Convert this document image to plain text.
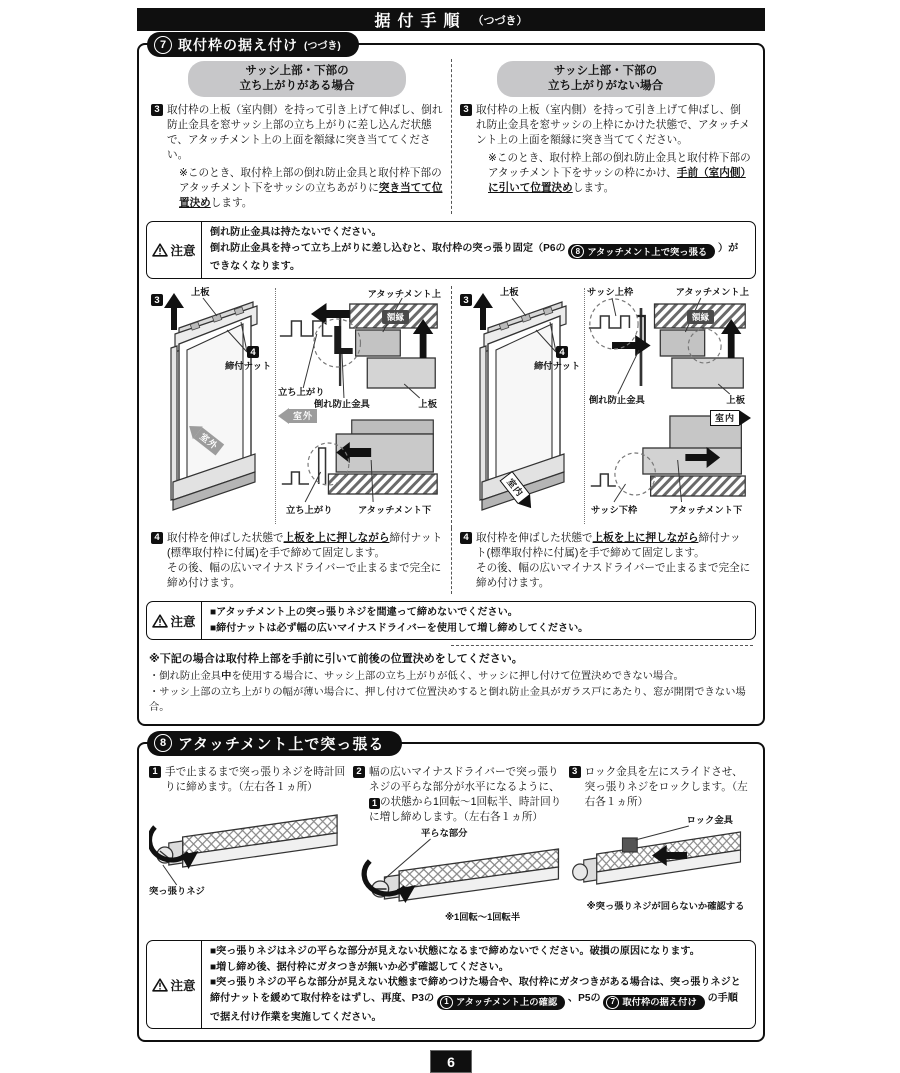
据付手順 （つづき）
7 取付枠の据え付け (つづき)
サッシ上部・下部の
立ち上がりがある場合
3 取付枠の上板（室内側）を持って引き上げて伸ばし、倒れ防止金具を窓サッシ上部の立ち上がりに差し込んだ状態で、アタッチメント上の上面を額縁に突き当ててください。
※このとき、取付枠上部の倒れ防止金具と取付枠下部のアタッチメント下をサッシの立ちあがりに突き当てて位置決めします。
サッシ上部・下部の
立ち上がりがない場合
3 取付枠の上板（室内側）を持って引き上げて伸ばし、倒れ防止金具を窓サッシの上枠にかけた状態で、アタッチメント上の上面を額縁に突き当ててください。
※このとき、取付枠上部の倒れ防止金具と取付枠下部のアタッチメント下をサッシの枠にかけ、手前（室内側）に引いて位置決めします。
注意
倒れ防止金具は持たないでください。
倒れ防止金具を持って立ち上がりに差し込むと、取付枠の突っ張り固定（P6の	8 アタッチメント上で突っ張る ）ができなくなります。
3
上板
4
締付ナット
室外
アタッチメント上
額縁
立ち上がり
倒れ防止金具	上板
室外
立ち上がり	アタッチメント下
3
上板
4
締付ナット
室内
サッシ上枠	アタッチメント上
額縁
倒れ防止金具	上板
室内
サッシ下枠	アタッチメント下
4 取付枠を伸ばした状態で上板を上に押しながら締付ナット(標準取付枠に付属)を手で締めて固定します。
その後、幅の広いマイナスドライバーで止まるまで完全に締め付けます。
4 取付枠を伸ばした状態で上板を上に押しながら締付ナット(標準取付枠に付属)を手で締めて固定します。
その後、幅の広いマイナスドライバーで止まるまで完全に締め付けます。
注意
■アタッチメント上の突っ張りネジを間違って締めないでください。
■締付ナットは必ず幅の広いマイナスドライバーを使用して増し締めしてください。
※下記の場合は取付枠上部を手前に引いて前後の位置決めをしてください。
・倒れ防止金具中を使用する場合に、サッシ上部の立ち上がりが低く、サッシに押し付けて位置決めできない場合。
・サッシ上部の立ち上がりの幅が薄い場合に、押し付けて位置決めすると倒れ防止金具がガラス戸にあたり、窓が開閉できない場合。
8 アタッチメント上で突っ張る
1 手で止まるまで突っ張りネジを時計回りに締めます。（左右各１ヵ所）
突っ張りネジ
2 幅の広いマイナスドライバーで突っ張りネジの平らな部分が水平になるように、1 の状態から1回転～1回転半、時計回りに増し締めします。（左右各１ヵ所）
平らな部分
※1回転～1回転半
3 ロック金具を左にスライドさせ、突っ張りネジをロックします。（左右各１ヵ所）
ロック金具
※突っ張りネジが回らないか確認する
注意
■突っ張りネジはネジの平らな部分が見えない状態になるまで締めないでください。破損の原因になります。
■増し締め後、据付枠にガタつきが無いか必ず確認してください。
■突っ張りネジの平らな部分が見えない状態まで締めつけた場合や、取付枠にガタつきがある場合は、突っ張りネジと締付ナットを緩めて取付枠をはずし、再度、P3の	1 アタッチメント上の確認 、P5の	7 取付枠の据え付け の手順で据え付け作業を実施してください。
6
